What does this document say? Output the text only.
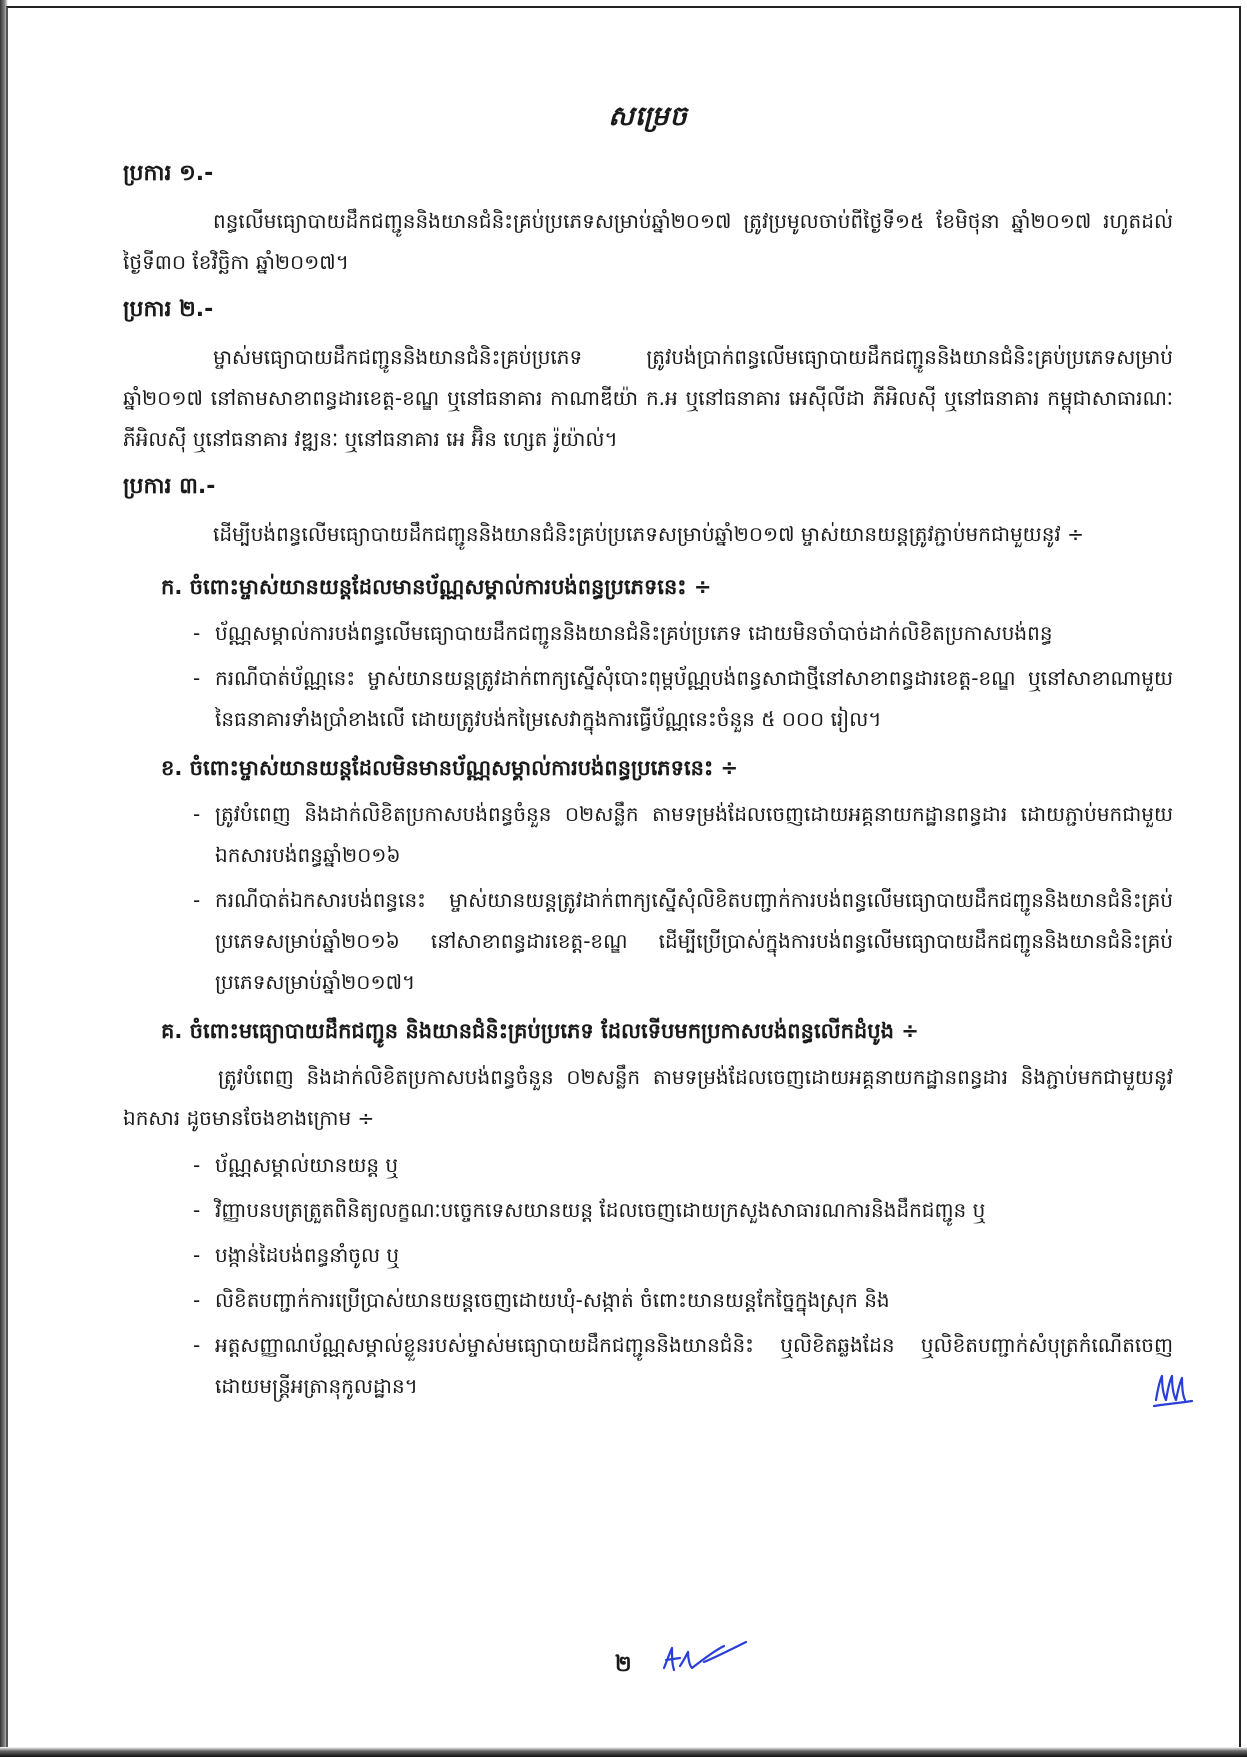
សម្រេច
ប្រការ ១.-

ពន្ធលើមធ្យោបាយដឹកជញ្ជូននិងយានជំនិះគ្រប់ប្រភេទសម្រាប់ឆ្នាំ២០១៧ ត្រូវប្រមូលចាប់ពីថ្ងៃទី១៥ ខែមិថុនា ឆ្នាំ២០១៧ រហូតដល់ថ្ងៃទី៣០ ខែវិច្ឆិកា ឆ្នាំ២០១៧។

ប្រការ ២.-

ម្ចាស់មធ្យោបាយដឹកជញ្ជូននិងយានជំនិះគ្រប់ប្រភេទ ត្រូវបង់ប្រាក់ពន្ធលើមធ្យោបាយដឹកជញ្ជូននិងយានជំនិះគ្រប់ប្រភេទសម្រាប់ឆ្នាំ២០១៧ នៅតាមសាខាពន្ធដារខេត្ត-ខណ្ឌ ឬនៅធនាគារ កាណាឌីយ៉ា ក.អ ឬនៅធនាគារ អេស៊ីលីដា ភីអិលស៊ី ឬនៅធនាគារ កម្ពុជាសាធារណៈ ភីអិលស៊ី ឬនៅធនាគារ វឌ្ឍនៈ ឬនៅធនាគារ អេ អ៊ិន ហ្សេត រ៉ូយ៉ាល់។

ប្រការ ៣.-

ដើម្បីបង់ពន្ធលើមធ្យោបាយដឹកជញ្ជូននិងយានជំនិះគ្រប់ប្រភេទសម្រាប់ឆ្នាំ២០១៧ ម្ចាស់យានយន្តត្រូវភ្ជាប់មកជាមួយនូវ ÷

ក. ចំពោះម្ចាស់យានយន្តដែលមានប័ណ្ណសម្គាល់ការបង់ពន្ធប្រភេទនេះ ÷
- ប័ណ្ណសម្គាល់ការបង់ពន្ធលើមធ្យោបាយដឹកជញ្ជូននិងយានជំនិះគ្រប់ប្រភេទ ដោយមិនចាំបាច់ដាក់លិខិតប្រកាសបង់ពន្ធ
- ករណីបាត់ប័ណ្ណនេះ ម្ចាស់យានយន្តត្រូវដាក់ពាក្យស្នើសុំបោះពុម្ពប័ណ្ណបង់ពន្ធសាជាថ្មីនៅសាខាពន្ធដារខេត្ត-ខណ្ឌ ឬនៅសាខាណាមួយនៃធនាគារទាំងប្រាំខាងលើ ដោយត្រូវបង់កម្រៃសេវាក្នុងការធ្វើប័ណ្ណនេះចំនួន ៥ ០០០ រៀល។
ខ. ចំពោះម្ចាស់យានយន្តដែលមិនមានប័ណ្ណសម្គាល់ការបង់ពន្ធប្រភេទនេះ ÷
- ត្រូវបំពេញ និងដាក់លិខិតប្រកាសបង់ពន្ធចំនួន ០២សន្លឹក តាមទម្រង់ដែលចេញដោយអគ្គនាយកដ្ឋានពន្ធដារ ដោយភ្ជាប់មកជាមួយឯកសារបង់ពន្ធឆ្នាំ២០១៦
- ករណីបាត់ឯកសារបង់ពន្ធនេះ ម្ចាស់យានយន្តត្រូវដាក់ពាក្យស្នើសុំលិខិតបញ្ជាក់ការបង់ពន្ធលើមធ្យោបាយដឹកជញ្ជូននិងយានជំនិះគ្រប់ប្រភេទសម្រាប់ឆ្នាំ២០១៦ នៅសាខាពន្ធដារខេត្ត-ខណ្ឌ ដើម្បីប្រើប្រាស់ក្នុងការបង់ពន្ធលើមធ្យោបាយដឹកជញ្ជូននិងយានជំនិះគ្រប់ប្រភេទសម្រាប់ឆ្នាំ២០១៧។
គ. ចំពោះមធ្យោបាយដឹកជញ្ជូន និងយានជំនិះគ្រប់ប្រភេទ ដែលទើបមកប្រកាសបង់ពន្ធលើកដំបូង ÷

ត្រូវបំពេញ និងដាក់លិខិតប្រកាសបង់ពន្ធចំនួន ០២សន្លឹក តាមទម្រង់ដែលចេញដោយអគ្គនាយកដ្ឋានពន្ធដារ និងភ្ជាប់មកជាមួយនូវឯកសារ ដូចមានចែងខាងក្រោម ÷

- ប័ណ្ណសម្គាល់យានយន្ត ឬ
- វិញ្ញាបនបត្រត្រួតពិនិត្យលក្ខណៈបច្ចេកទេសយានយន្ត ដែលចេញដោយក្រសួងសាធារណការនិងដឹកជញ្ជូន ឬ
- បង្កាន់ដៃបង់ពន្ធនាំចូល ឬ
- លិខិតបញ្ជាក់ការប្រើប្រាស់យានយន្តចេញដោយឃុំ-សង្កាត់ ចំពោះយានយន្តកែច្នៃក្នុងស្រុក និង
- អត្តសញ្ញាណប័ណ្ណសម្គាល់ខ្លួនរបស់ម្ចាស់មធ្យោបាយដឹកជញ្ជូននិងយានជំនិះ ឬលិខិតឆ្លងដែន ឬលិខិតបញ្ជាក់សំបុត្រកំណើតចេញដោយមន្ត្រីអត្រានុកូលដ្ឋាន។
២
